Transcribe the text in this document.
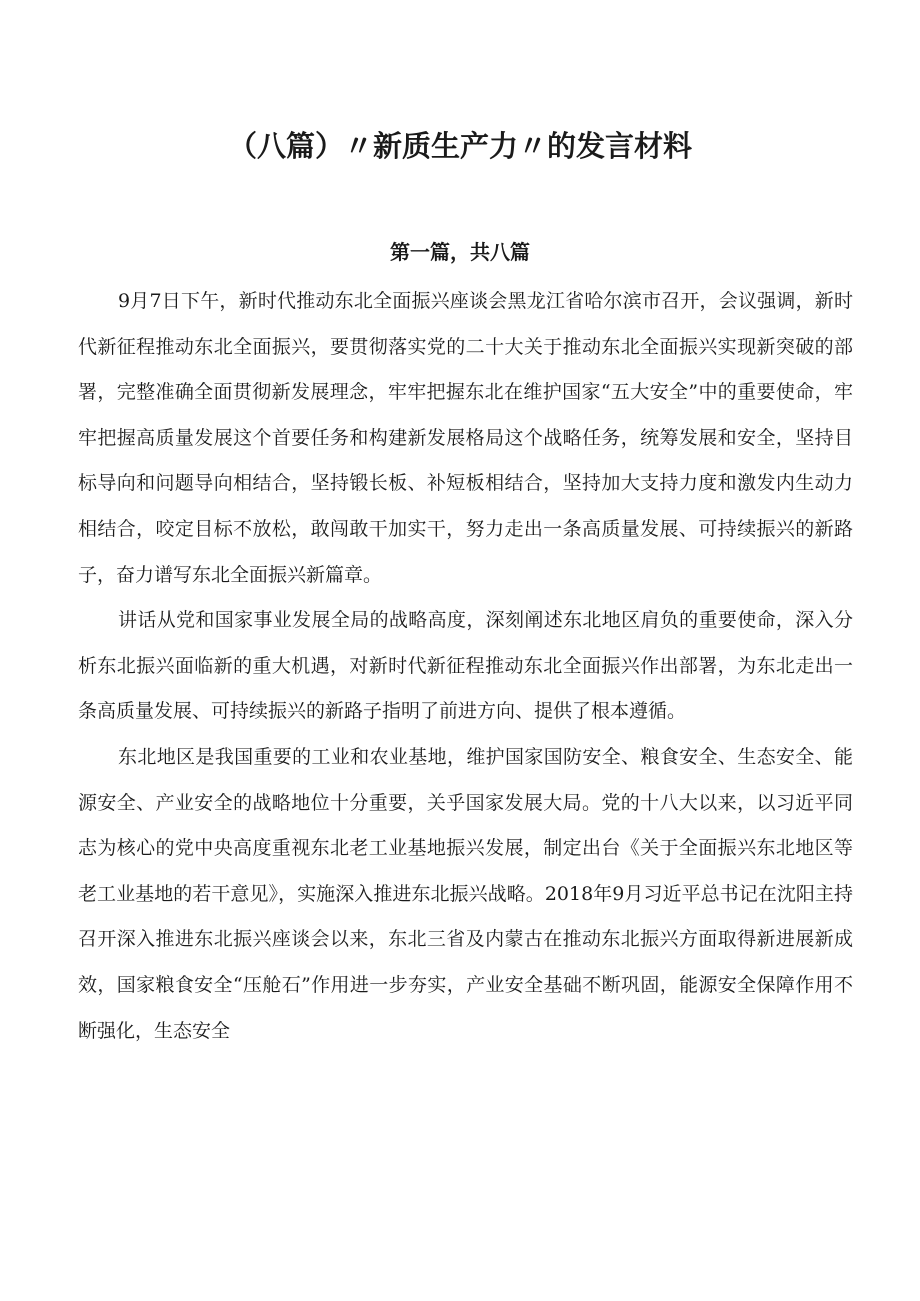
（八篇）〃新质生产力〃的发言材料
第一篇，共八篇

9月7日下午，新时代推动东北全面振兴座谈会黑龙江省哈尔滨市召开，会议强调，新时代新征程推动东北全面振兴，要贯彻落实党的二十大关于推动东北全面振兴实现新突破的部署，完整准确全面贯彻新发展理念，牢牢把握东北在维护国家“五大安全”中的重要使命，牢牢把握高质量发展这个首要任务和构建新发展格局这个战略任务，统筹发展和安全，坚持目标导向和问题导向相结合，坚持锻长板、补短板相结合，坚持加大支持力度和激发内生动力相结合，咬定目标不放松，敢闯敢干加实干，努力走出一条高质量发展、可持续振兴的新路子，奋力谱写东北全面振兴新篇章。

讲话从党和国家事业发展全局的战略高度，深刻阐述东北地区肩负的重要使命，深入分析东北振兴面临新的重大机遇，对新时代新征程推动东北全面振兴作出部署，为东北走出一条高质量发展、可持续振兴的新路子指明了前进方向、提供了根本遵循。

东北地区是我国重要的工业和农业基地，维护国家国防安全、粮食安全、生态安全、能源安全、产业安全的战略地位十分重要，关乎国家发展大局。党的十八大以来，以习近平同志为核心的党中央高度重视东北老工业基地振兴发展，制定出台《关于全面振兴东北地区等老工业基地的若干意见》，实施深入推进东北振兴战略。2018年9月习近平总书记在沈阳主持召开深入推进东北振兴座谈会以来，东北三省及内蒙古在推动东北振兴方面取得新进展新成效，国家粮食安全“压舱石”作用进一步夯实，产业安全基础不断巩固，能源安全保障作用不断强化，生态安全
